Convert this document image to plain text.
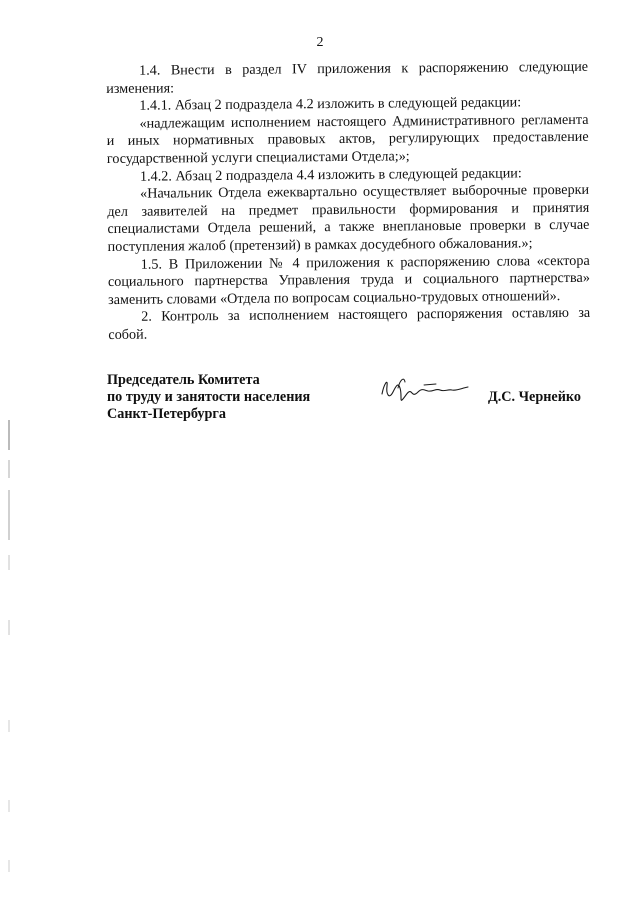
2

1.4. Внести в раздел IV приложения к распоряжению следующие изменения:

1.4.1. Абзац 2 подраздела 4.2 изложить в следующей редакции:

«надлежащим исполнением настоящего Административного регламента и иных нормативных правовых актов, регулирующих предоставление государственной услуги специалистами Отдела;»;

1.4.2. Абзац 2 подраздела 4.4 изложить в следующей редакции:

«Начальник Отдела ежеквартально осуществляет выборочные проверки дел заявителей на предмет правильности формирования и принятия специалистами Отдела решений, а также внеплановые проверки в случае поступления жалоб (претензий) в рамках досудебного обжалования.»;

1.5. В Приложении № 4 приложения к распоряжению слова «сектора социального партнерства Управления труда и социального партнерства» заменить словами «Отдела по вопросам социально-трудовых отношений».

2. Контроль за исполнением настоящего распоряжения оставляю за собой.

Председатель Комитета
по труду и занятости населения
Санкт-Петербурга
Д.С. Чернейко
